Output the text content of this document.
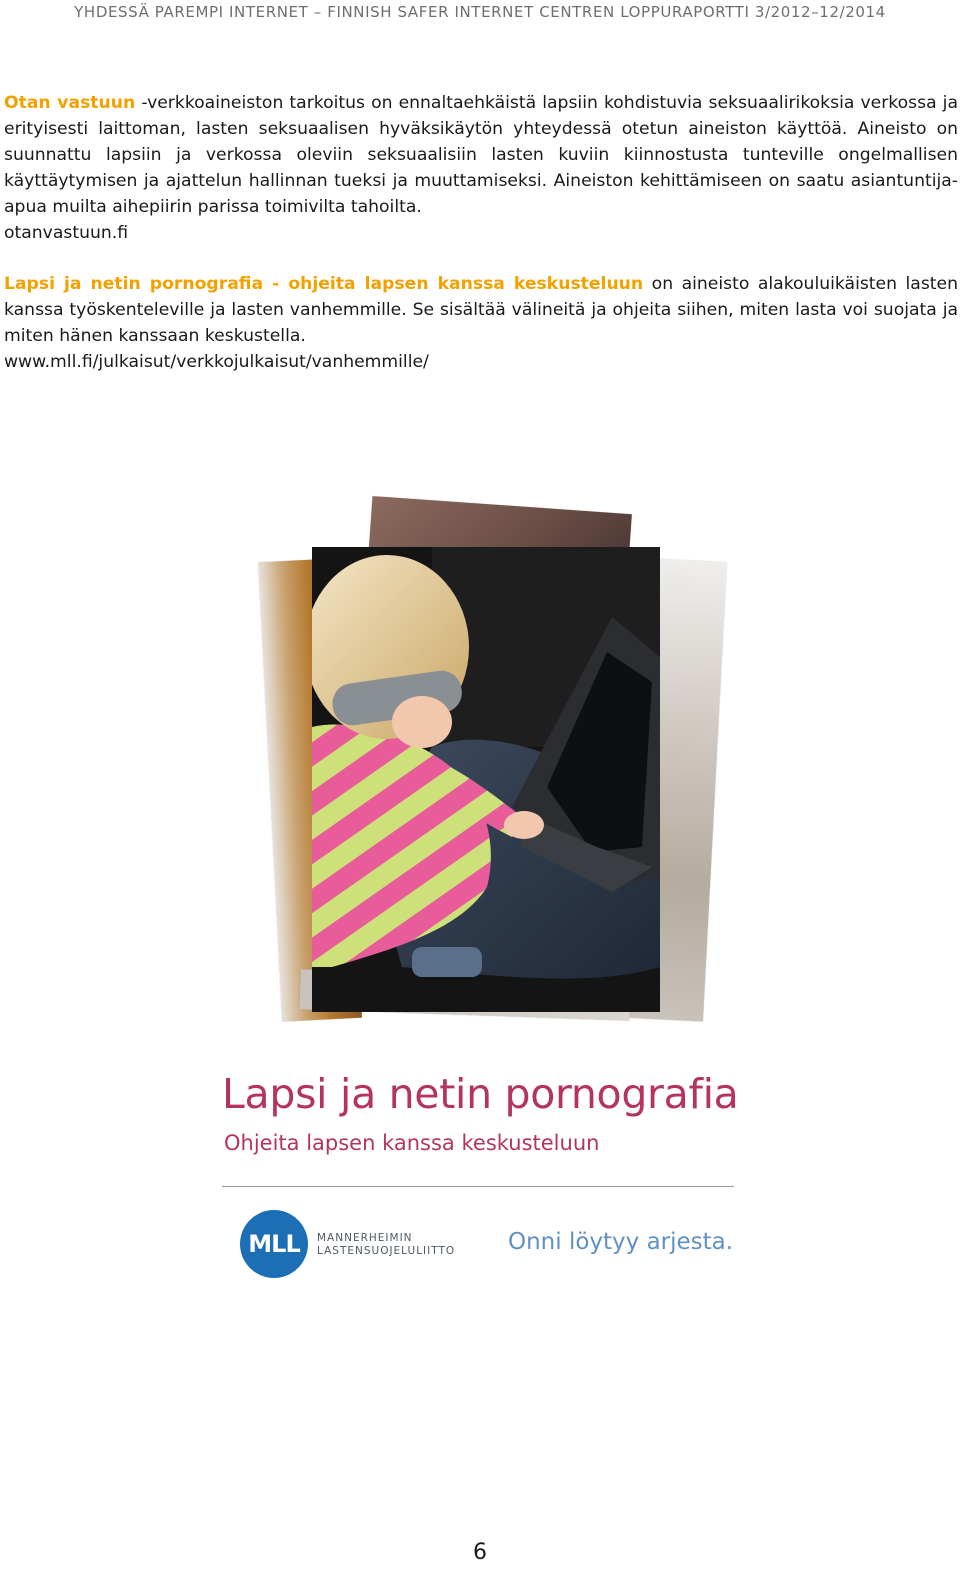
YHDESSÄ PAREMPI INTERNET – FINNISH SAFER INTERNET CENTREN LOPPURAPORTTI 3/2012–12/2014

Otan vastuun -verkkoaineiston tarkoitus on ennaltaehkäistä lapsiin kohdistuvia seksuaalirikoksia verkossa ja erityisesti laittoman, lasten seksuaalisen hyväksikäytön yhteydessä otetun aineiston käyttöä. Aineisto on suunnattu lapsiin ja verkossa oleviin seksuaalisiin lasten kuviin kiinnostusta tunteville ongelmallisen käyttäytymisen ja ajattelun hallinnan tueksi ja muuttamiseksi. Aineiston kehittämiseen on saatu asiantuntija-apua muilta aihepiirin parissa toimivilta tahoilta.
otanvastuun.fi

Lapsi ja netin pornografia - ohjeita lapsen kanssa keskusteluun on aineisto alakouluikäisten lasten kanssa työskenteleville ja lasten vanhemmille. Se sisältää välineitä ja ohjeita siihen, miten lasta voi suojata ja miten hänen kanssaan keskustella.
www.mll.fi/julkaisut/verkkojulkaisut/vanhemmille/

Lapsi ja netin pornografia
Ohjeita lapsen kanssa keskusteluun
MLL	MANNERHEIMIN
LASTENSUOJELULIITTO Onni löytyy arjesta.
6
